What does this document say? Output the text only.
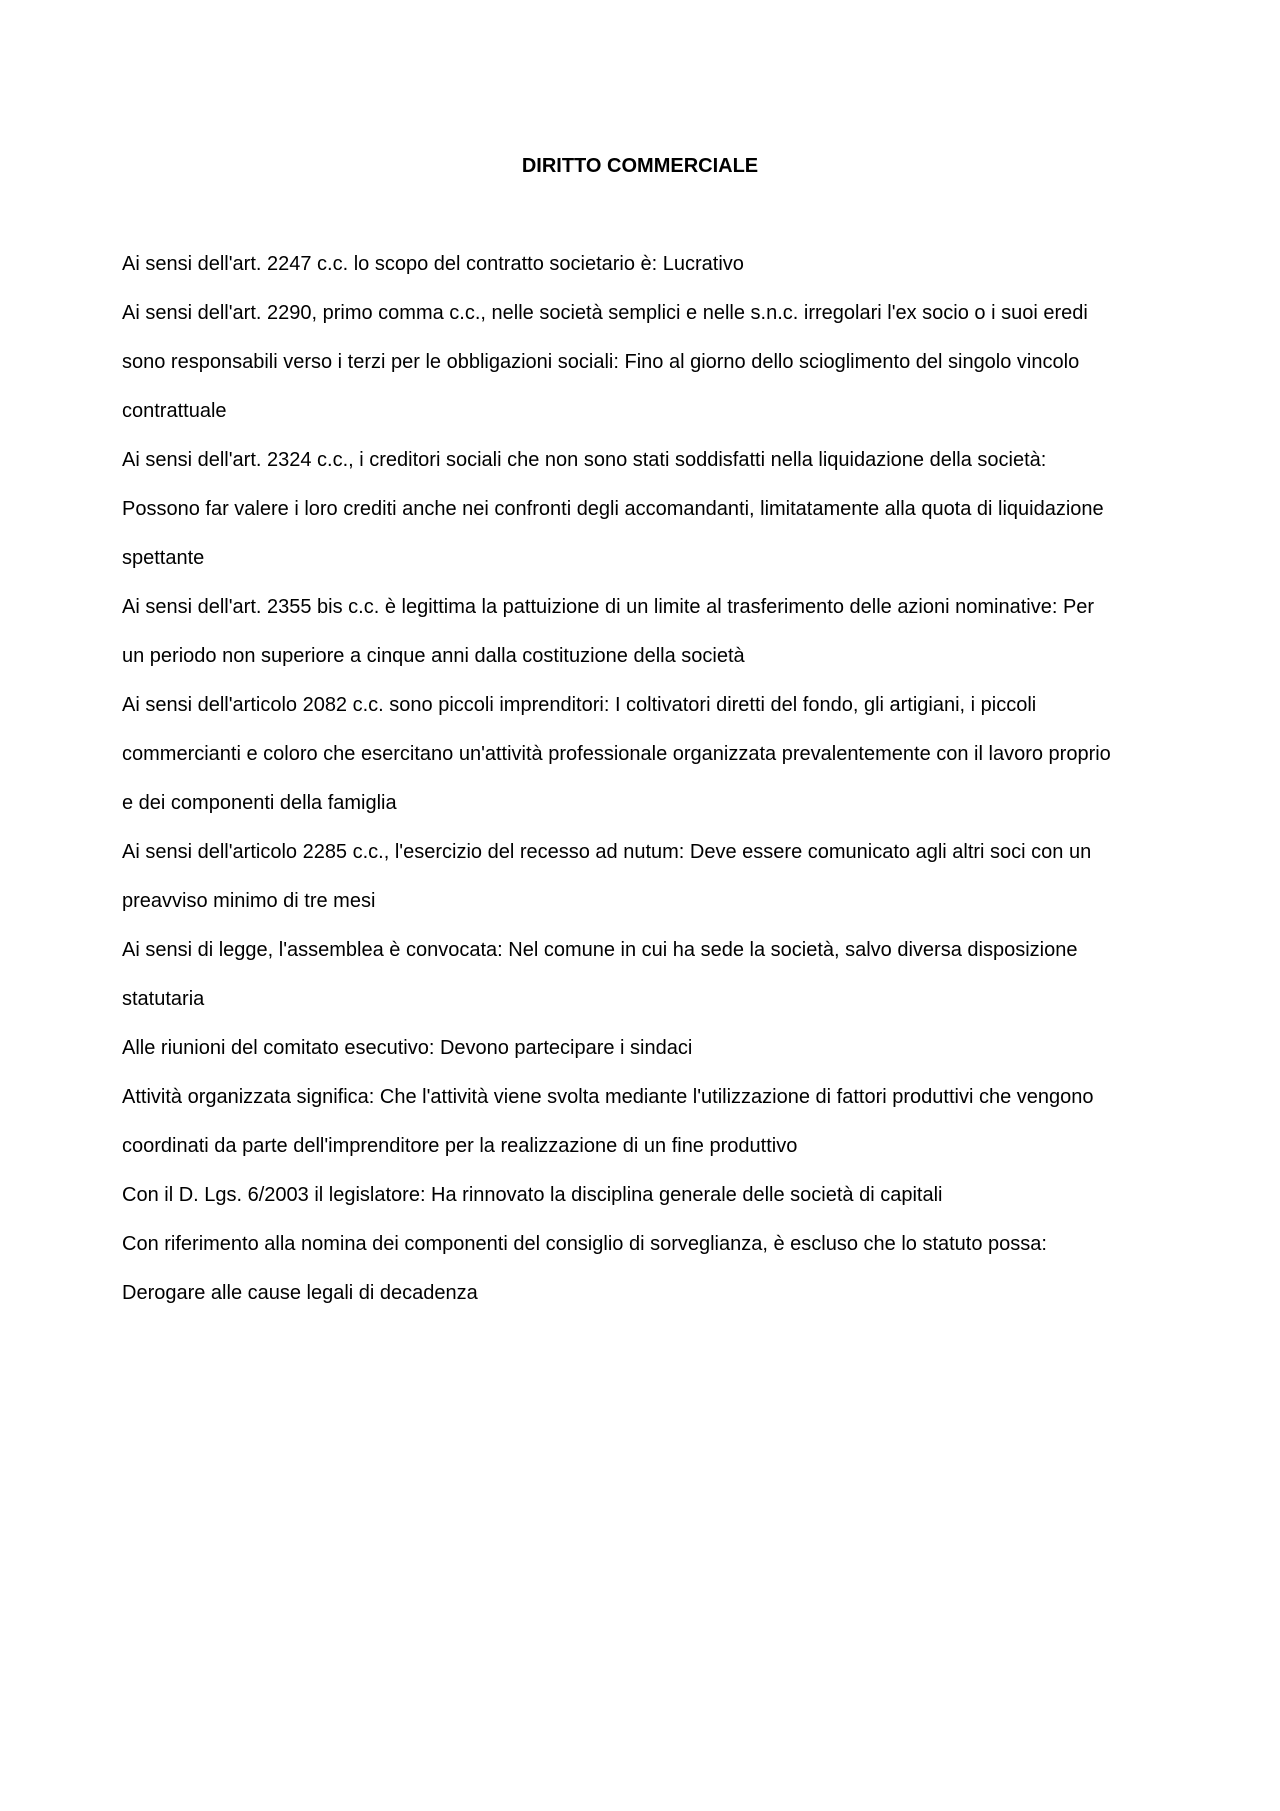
DIRITTO COMMERCIALE

Ai sensi dell'art. 2247 c.c. lo scopo del contratto societario è: Lucrativo

Ai sensi dell'art. 2290, primo comma c.c., nelle società semplici e nelle s.n.c. irregolari l'ex socio o i suoi eredi

sono responsabili verso i terzi per le obbligazioni sociali: Fino al giorno dello scioglimento del singolo vincolo

contrattuale

Ai sensi dell'art. 2324 c.c., i creditori sociali che non sono stati soddisfatti nella liquidazione della società:

Possono far valere i loro crediti anche nei confronti degli accomandanti, limitatamente alla quota di liquidazione

spettante

Ai sensi dell'art. 2355 bis c.c. è legittima la pattuizione di un limite al trasferimento delle azioni nominative: Per

un periodo non superiore a cinque anni dalla costituzione della società

Ai sensi dell'articolo 2082 c.c. sono piccoli imprenditori: I coltivatori diretti del fondo, gli artigiani, i piccoli

commercianti e coloro che esercitano un'attività professionale organizzata prevalentemente con il lavoro proprio

e dei componenti della famiglia

Ai sensi dell'articolo 2285 c.c., l'esercizio del recesso ad nutum: Deve essere comunicato agli altri soci con un

preavviso minimo di tre mesi

Ai sensi di legge, l'assemblea è convocata: Nel comune in cui ha sede la società, salvo diversa disposizione

statutaria

Alle riunioni del comitato esecutivo: Devono partecipare i sindaci

Attività organizzata significa: Che l'attività viene svolta mediante l'utilizzazione di fattori produttivi che vengono

coordinati da parte dell'imprenditore per la realizzazione di un fine produttivo

Con il D. Lgs. 6/2003 il legislatore: Ha rinnovato la disciplina generale delle società di capitali

Con riferimento alla nomina dei componenti del consiglio di sorveglianza, è escluso che lo statuto possa:

Derogare alle cause legali di decadenza
